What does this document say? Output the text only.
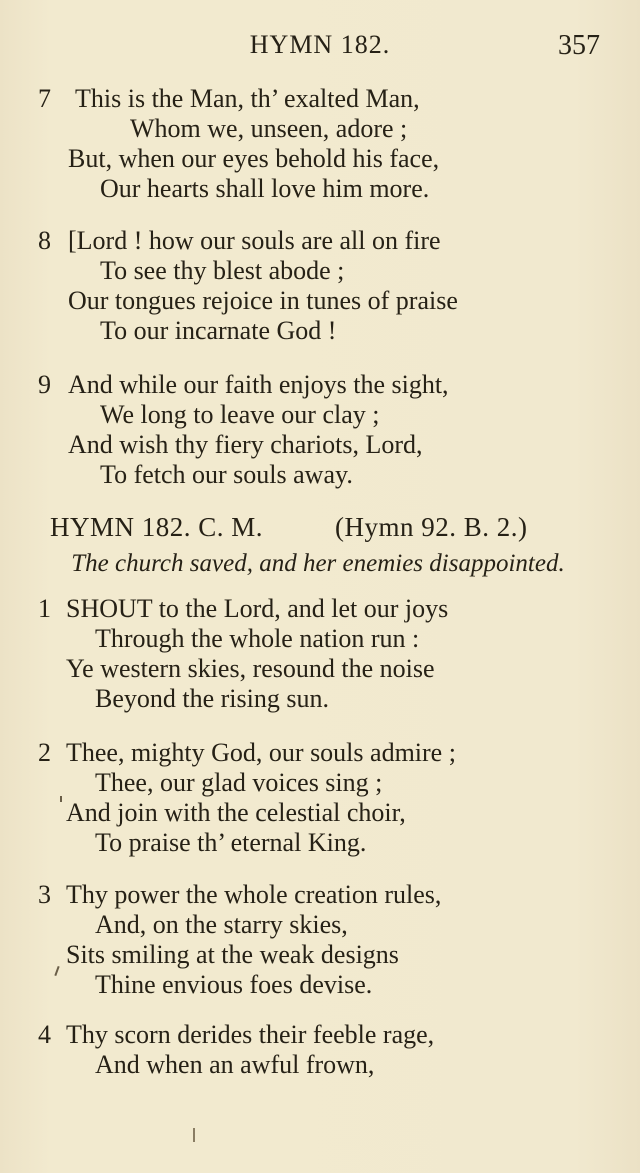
HYMN 182.	357
7 This is the Man, th’ exalted Man,
Whom we, unseen, adore ;
But, when our eyes behold his face,
Our hearts shall love him more.
8 [Lord ! how our souls are all on fire
To see thy blest abode ;
Our tongues rejoice in tunes of praise
To our incarnate God !
9 And while our faith enjoys the sight,
We long to leave our clay ;
And wish thy fiery chariots, Lord,
To fetch our souls away.
HYMN 182. C. M.	(Hymn 92. B. 2.)
The church saved, and her enemies disappointed.
1 SHOUT to the Lord, and let our joys
Through the whole nation run :
Ye western skies, resound the noise
Beyond the rising sun.
2 Thee, mighty God, our souls admire ;
Thee, our glad voices sing ;
And join with the celestial choir,
To praise th’ eternal King.
3 Thy power the whole creation rules,
And, on the starry skies,
Sits smiling at the weak designs
Thine envious foes devise.
4 Thy scorn derides their feeble rage,
And when an awful frown,
